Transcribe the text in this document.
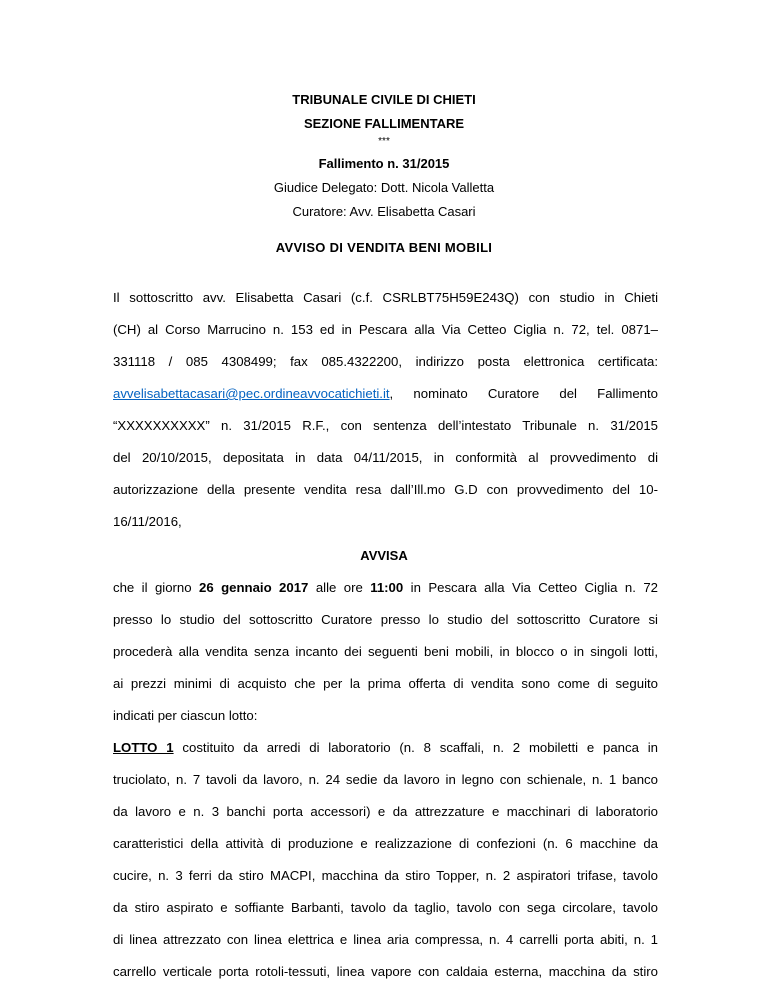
TRIBUNALE CIVILE DI CHIETI
SEZIONE FALLIMENTARE
***
Fallimento n. 31/2015
Giudice Delegato: Dott. Nicola Valletta
Curatore: Avv. Elisabetta Casari
AVVISO DI VENDITA BENI MOBILI
Il sottoscritto avv. Elisabetta Casari (c.f. CSRLBT75H59E243Q) con studio in Chieti
(CH) al Corso Marrucino n. 153 ed in Pescara alla Via Cetteo Ciglia n. 72, tel. 0871–
331118 / 085 4308499; fax 085.4322200, indirizzo posta elettronica certificata:
avvelisabettacasari@pec.ordineavvocatichieti.it, nominato Curatore del Fallimento
“XXXXXXXXXX” n. 31/2015 R.F., con sentenza dell’intestato Tribunale n. 31/2015
del 20/10/2015, depositata in data 04/11/2015, in conformità al provvedimento di
autorizzazione della presente vendita resa dall’Ill.mo G.D con provvedimento del 10-
16/11/2016,
AVVISA
che il giorno 26 gennaio 2017 alle ore 11:00 in Pescara alla Via Cetteo Ciglia n. 72
presso lo studio del sottoscritto Curatore presso lo studio del sottoscritto Curatore si
procederà alla vendita senza incanto dei seguenti beni mobili, in blocco o in singoli lotti,
ai prezzi minimi di acquisto che per la prima offerta di vendita sono come di seguito
indicati per ciascun lotto:
LOTTO 1 costituito da arredi di laboratorio (n. 8 scaffali, n. 2 mobiletti e panca in
truciolato, n. 7 tavoli da lavoro, n. 24 sedie da lavoro in legno con schienale, n. 1 banco
da lavoro e n. 3 banchi porta accessori) e da attrezzature e macchinari di laboratorio
caratteristici della attività di produzione e realizzazione di confezioni (n. 6 macchine da
cucire, n. 3 ferri da stiro MACPI, macchina da stiro Topper, n. 2 aspiratori trifase, tavolo
da stiro aspirato e soffiante Barbanti, tavolo da taglio, tavolo con sega circolare, tavolo
di linea attrezzato con linea elettrica e linea aria compressa, n. 4 carrelli porta abiti, n. 1
carrello verticale porta rotoli-tessuti, linea vapore con caldaia esterna, macchina da stiro
